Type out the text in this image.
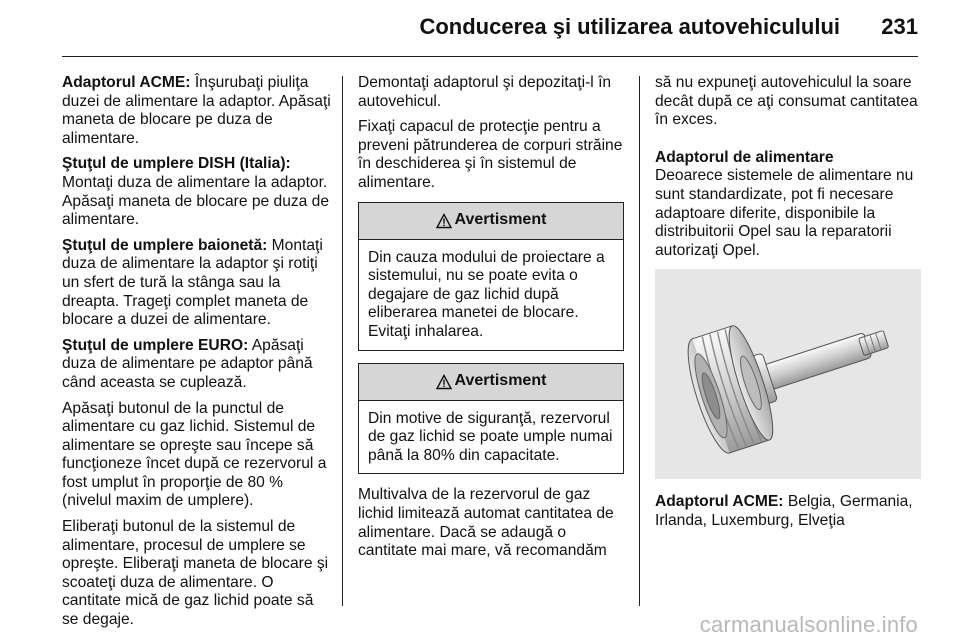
Conducerea şi utilizarea autovehiculului 231

Adaptorul ACME: Înşurubaţi piuliţa duzei de alimentare la adaptor. Apăsaţi maneta de blocare pe duza de alimentare.

Ştuţul de umplere DISH (Italia):
Montaţi duza de alimentare la adaptor. Apăsaţi maneta de blocare pe duza de alimentare.

Ştuţul de umplere baionetă: Montaţi duza de alimentare la adaptor şi rotiţi un sfert de tură la stânga sau la dreapta. Trageţi complet maneta de blocare a duzei de alimentare.

Ştuţul de umplere EURO: Apăsaţi duza de alimentare pe adaptor până când aceasta se cuplează.

Apăsaţi butonul de la punctul de alimentare cu gaz lichid. Sistemul de alimentare se opreşte sau începe să funcţioneze încet după ce rezervorul a fost umplut în proporţie de 80 % (nivelul maxim de umplere).

Eliberaţi butonul de la sistemul de alimentare, procesul de umplere se opreşte. Eliberaţi maneta de blocare şi scoateţi duza de alimentare. O cantitate mică de gaz lichid poate să se degaje.

Demontaţi adaptorul şi depozitaţi-l în autovehicul.

Fixaţi capacul de protecţie pentru a preveni pătrunderea de corpuri străine în deschiderea şi în sistemul de alimentare.

Avertisment
Din cauza modului de proiectare a sistemului, nu se poate evita o degajare de gaz lichid după eliberarea manetei de blocare. Evitaţi inhalarea.
Avertisment
Din motive de siguranţă, rezervorul de gaz lichid se poate umple numai până la 80% din capacitate.

Multivalva de la rezervorul de gaz lichid limitează automat cantitatea de alimentare. Dacă se adaugă o cantitate mai mare, vă recomandăm

să nu expuneţi autovehiculul la soare decât după ce aţi consumat cantitatea în exces.

Adaptorul de alimentare
Deoarece sistemele de alimentare nu sunt standardizate, pot fi necesare adaptoare diferite, disponibile la distribuitorii Opel sau la reparatorii autorizaţi Opel.

Adaptorul ACME: Belgia, Germania, Irlanda, Luxemburg, Elveţia

carmanualsonline.info
